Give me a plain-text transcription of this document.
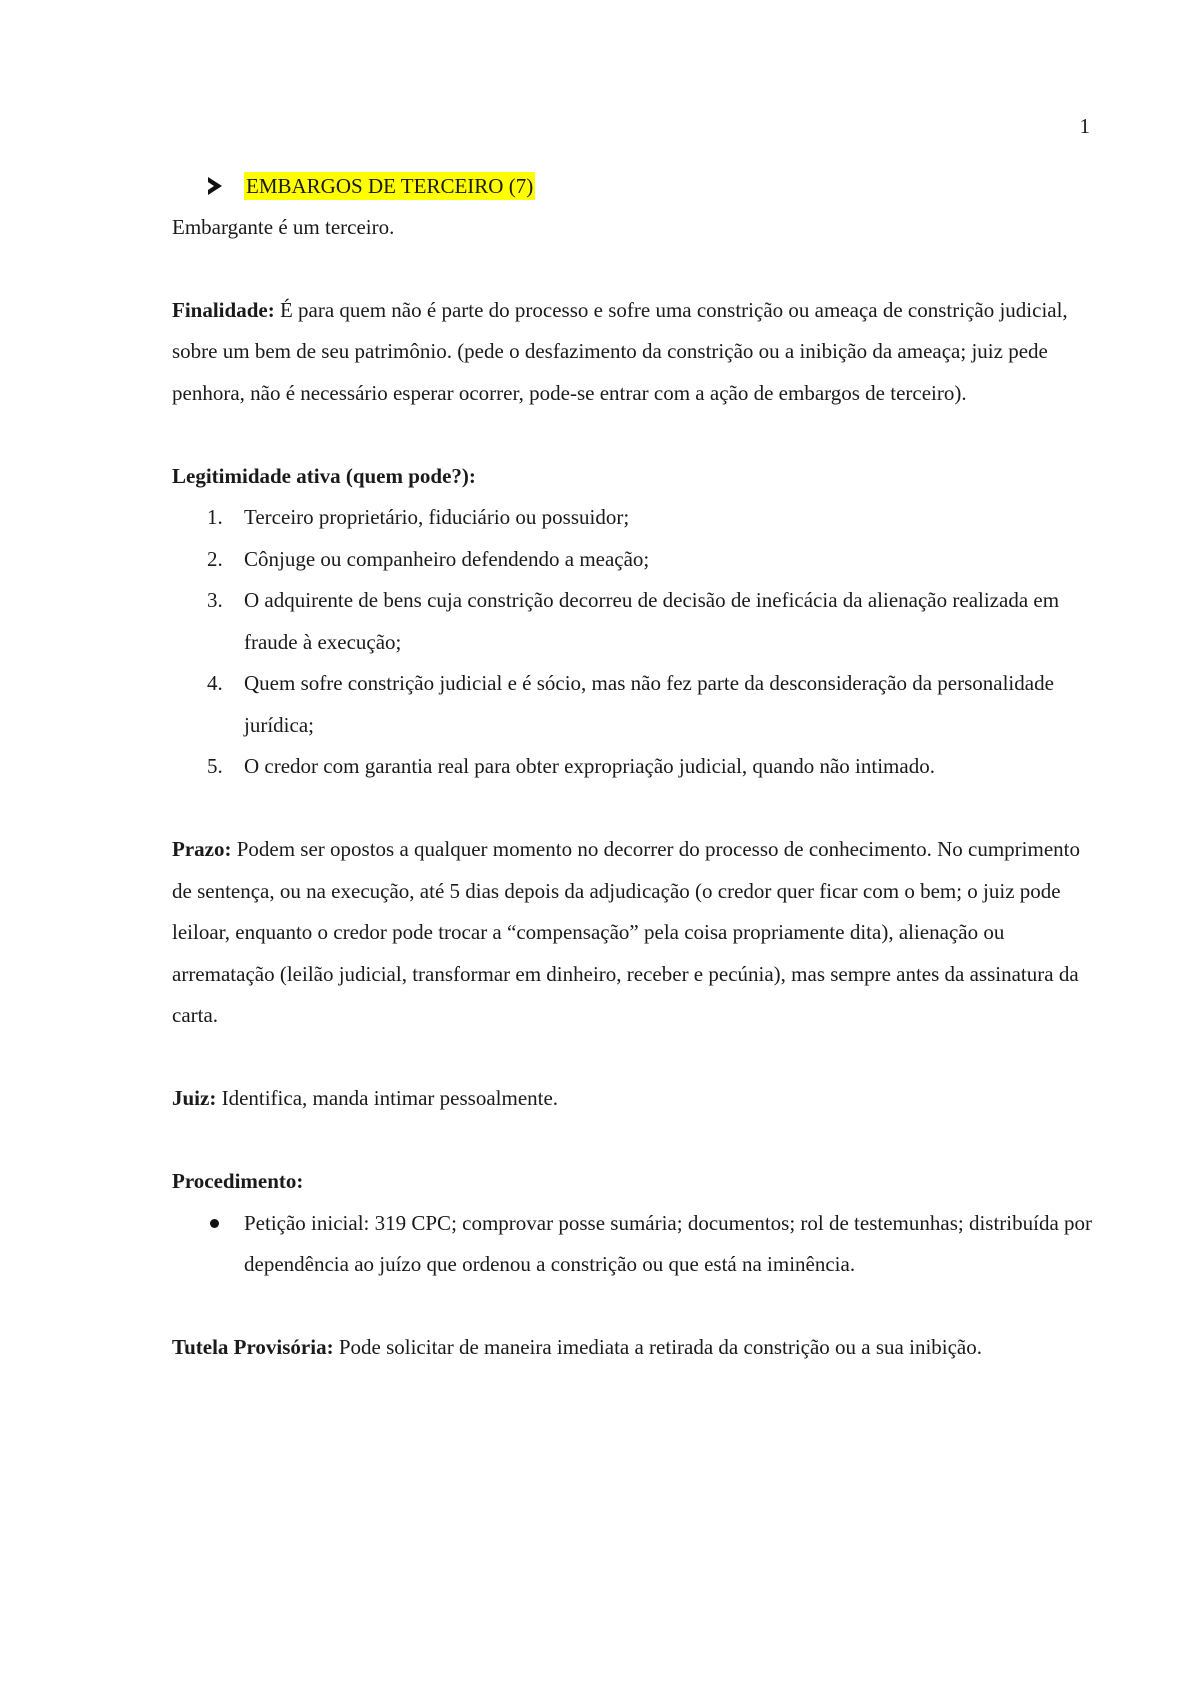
1
EMBARGOS DE TERCEIRO (7)

Embargante é um terceiro.

Finalidade: É para quem não é parte do processo e sofre uma constrição ou ameaça de constrição judicial, sobre um bem de seu patrimônio. (pede o desfazimento da constrição ou a inibição da ameaça; juiz pede penhora, não é necessário esperar ocorrer, pode-se entrar com a ação de embargos de terceiro).

Legitimidade ativa (quem pode?):

1. Terceiro proprietário, fiduciário ou possuidor;
2. Cônjuge ou companheiro defendendo a meação;
3. O adquirente de bens cuja constrição decorreu de decisão de ineficácia da alienação realizada em fraude à execução;
4. Quem sofre constrição judicial e é sócio, mas não fez parte da desconsideração da personalidade jurídica;
5. O credor com garantia real para obter expropriação judicial, quando não intimado.

Prazo: Podem ser opostos a qualquer momento no decorrer do processo de conhecimento. No cumprimento de sentença, ou na execução, até 5 dias depois da adjudicação (o credor quer ficar com o bem; o juiz pode leiloar, enquanto o credor pode trocar a “compensação” pela coisa propriamente dita), alienação ou arrematação (leilão judicial, transformar em dinheiro, receber e pecúnia), mas sempre antes da assinatura da carta.

Juiz: Identifica, manda intimar pessoalmente.

Procedimento:

Petição inicial: 319 CPC; comprovar posse sumária; documentos; rol de testemunhas; distribuída por dependência ao juízo que ordenou a constrição ou que está na iminência.

Tutela Provisória: Pode solicitar de maneira imediata a retirada da constrição ou a sua inibição.
